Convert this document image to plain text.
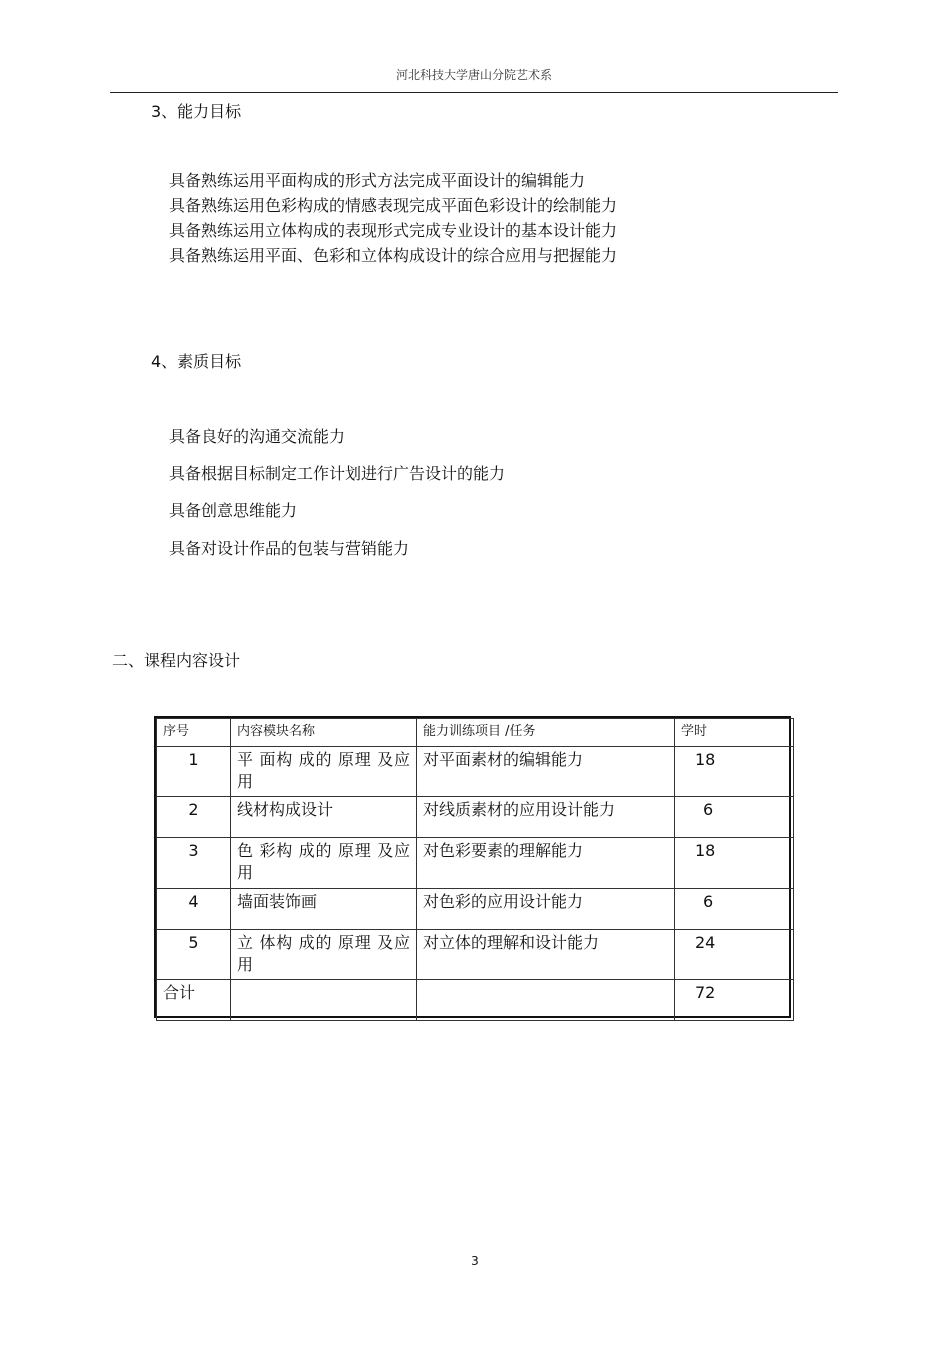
河北科技大学唐山分院艺术系
3、能力目标
具备熟练运用平面构成的形式方法完成平面设计的编辑能力
具备熟练运用色彩构成的情感表现完成平面色彩设计的绘制能力
具备熟练运用立体构成的表现形式完成专业设计的基本设计能力
具备熟练运用平面、色彩和立体构成设计的综合应用与把握能力
4、素质目标
具备良好的沟通交流能力
具备根据目标制定工作计划进行广告设计的能力
具备创意思维能力
具备对设计作品的包装与营销能力
二、课程内容设计
序号	内容模块名称	能力训练项目 /任务	学时
1	平 面构 成的 原理 及应用	对平面素材的编辑能力	18
2	线材构成设计	对线质素材的应用设计能力	6
3	色 彩构 成的 原理 及应用	对色彩要素的理解能力	18
4	墙面装饰画	对色彩的应用设计能力	6
5	立 体构 成的 原理 及应用	对立体的理解和设计能力	24
合计			72
3
